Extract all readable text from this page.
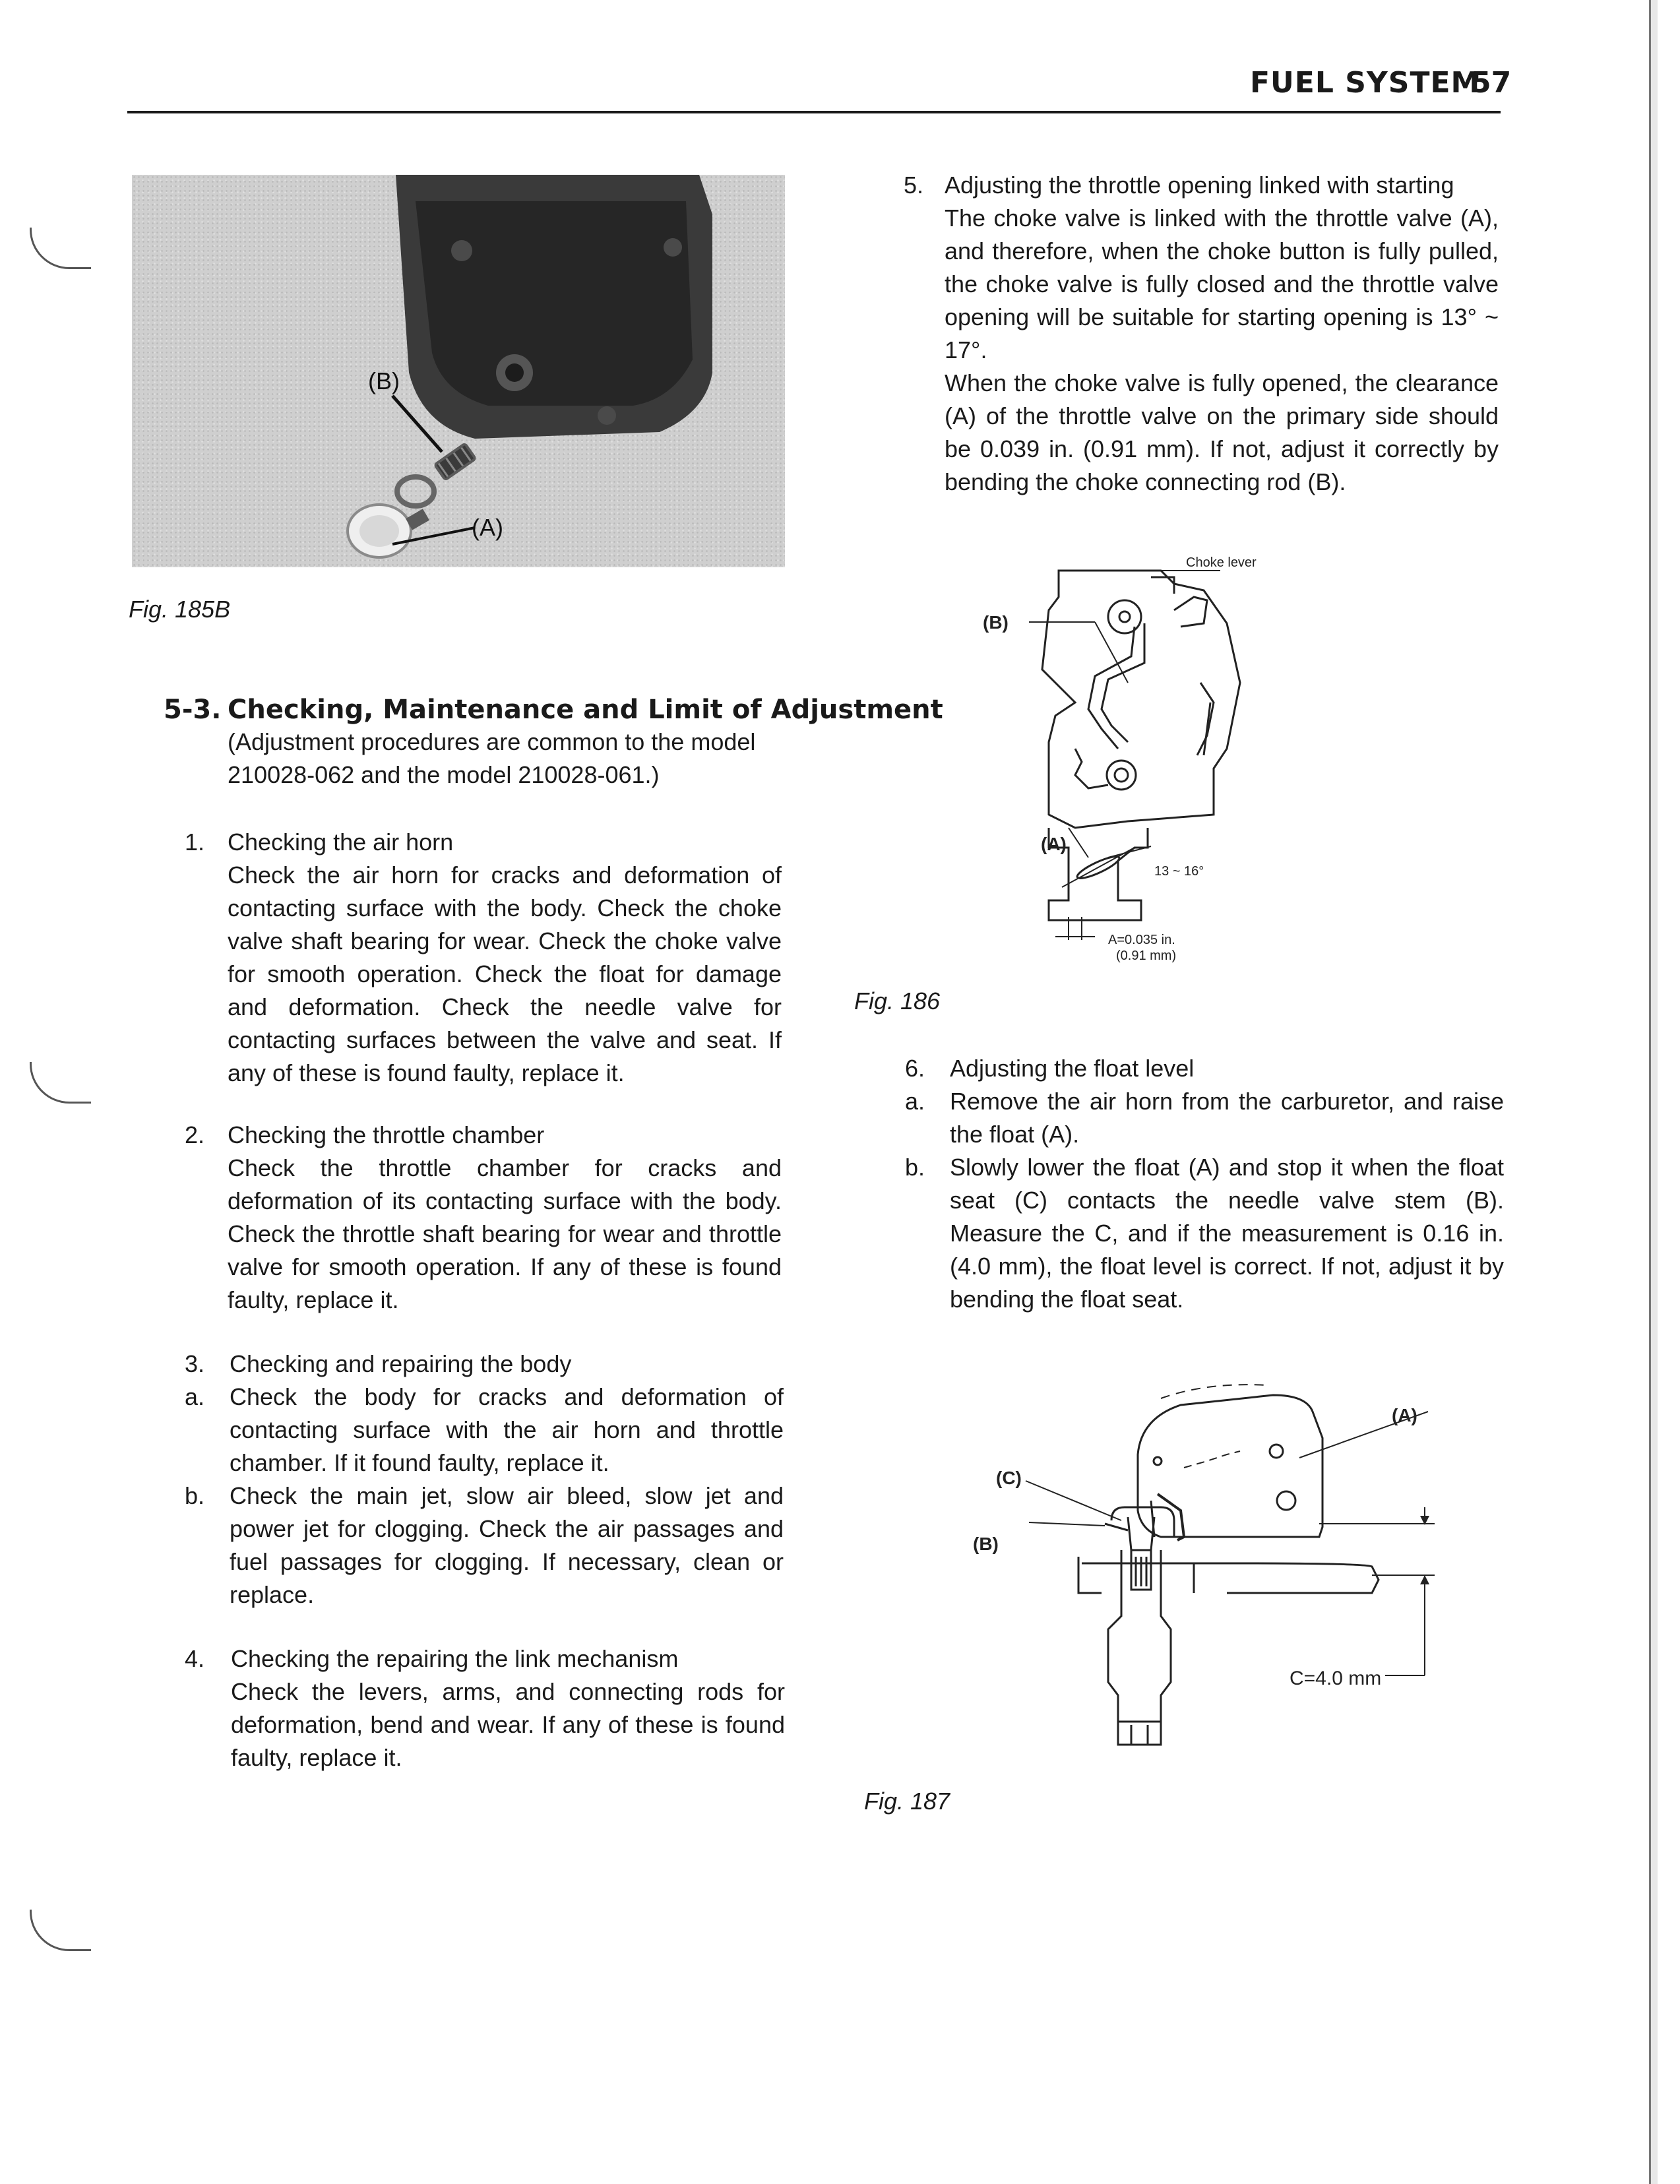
FUEL SYSTEM
57
(B)
(A)
Fig. 185B
5-3. Checking, Maintenance and Limit of Adjustment
(Adjustment procedures are common to the model
210028-062 and the model 210028-061.)
1. Checking the air horn
Check the air horn for cracks and deformation of contacting surface with the body. Check the choke valve shaft bearing for wear. Check the choke valve for smooth operation. Check the float for damage and deformation. Check the needle valve for contacting surfaces between the valve and seat. If any of these is found faulty, replace it.
2. Checking the throttle chamber
Check the throttle chamber for cracks and deformation of its contacting surface with the body. Check the throttle shaft bearing for wear and throttle valve for smooth operation. If any of these is found faulty, replace it.
3. Checking and repairing the body
a. Check the body for cracks and deformation of contacting surface with the air horn and throttle chamber. If it found faulty, replace it.
b. Check the main jet, slow air bleed, slow jet and power jet for clogging. Check the air passages and fuel passages for clogging. If necessary, clean or replace.
4. Checking the repairing the link mechanism
Check the levers, arms, and connecting rods for deformation, bend and wear. If any of these is found faulty, replace it.
5. Adjusting the throttle opening linked with starting
The choke valve is linked with the throttle valve (A), and therefore, when the choke button is fully pulled, the choke valve is fully closed and the throttle valve opening will be suitable for starting opening is 13° ~ 17°.
When the choke valve is fully opened, the clearance (A) of the throttle valve on the primary side should be 0.039 in. (0.91 mm). If not, adjust it correctly by bending the choke connecting rod (B).
(B)
(A)
Choke lever
13 ~ 16°
A=0.035 in.
(0.91 mm)
Fig. 186
6. Adjusting the float level
a. Remove the air horn from the carburetor, and raise the float (A).
b. Slowly lower the float (A) and stop it when the float seat (C) contacts the needle valve stem (B). Measure the C, and if the measurement is 0.16 in. (4.0 mm), the float level is correct. If not, adjust it by bending the float seat.
(A)
(C)
(B)
C=4.0 mm
Fig. 187
